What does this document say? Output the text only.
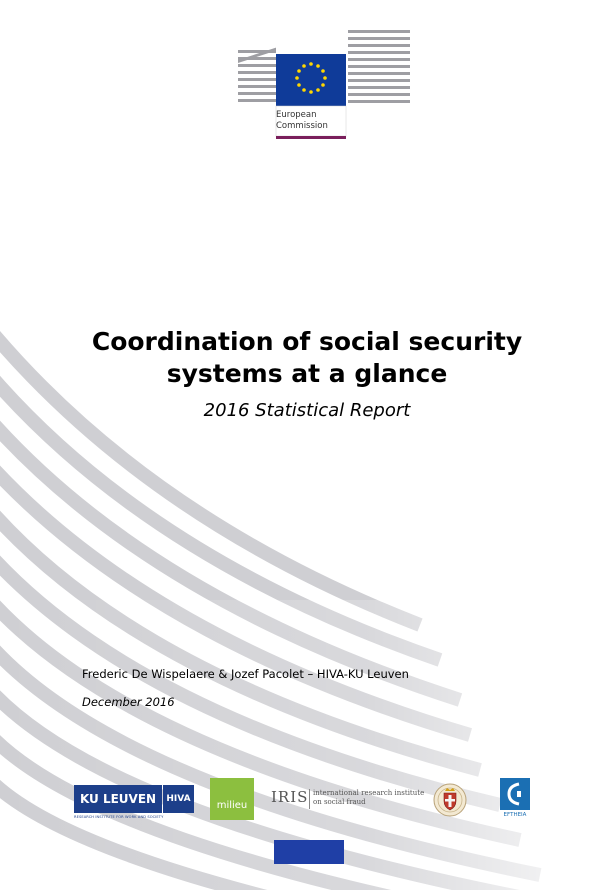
European
Commission
Coordination of social security
systems at a glance
2016 Statistical Report
Frederic De Wispelaere & Jozef Pacolet – HIVA-KU Leuven
December 2016
KU LEUVEN	HIVA
RESEARCH INSTITUTE FOR WORK AND SOCIETY
milieu	IRIS international research institute
on social fraud
EFTHEIA
